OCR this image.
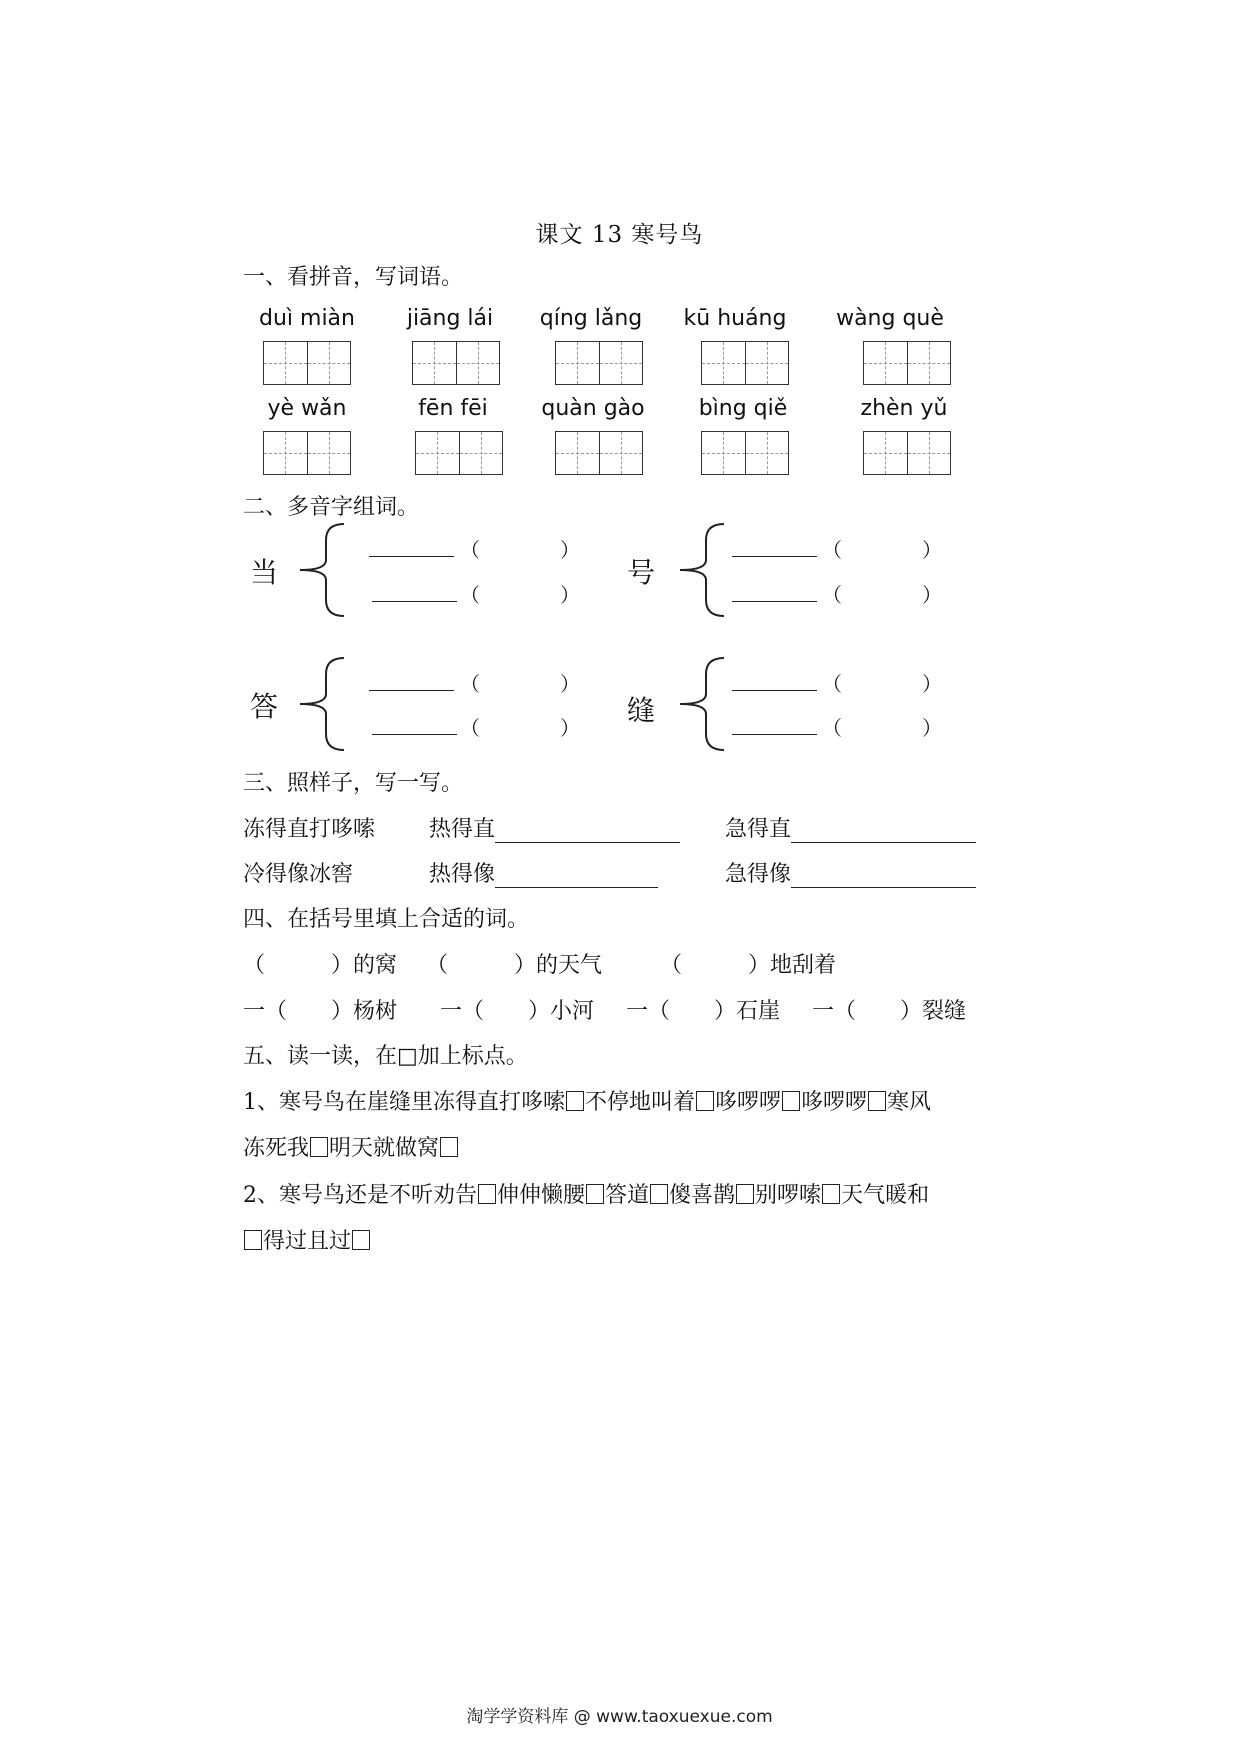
课文 13 寒号鸟
一、看拼音，写词语。
duì miàn	jiāng lái	qíng lǎng	kū huáng	wàng què
yè wǎn	fēn fēi	quàn gào	bìng qiě	zhèn yǔ
二、多音字组词。
当
（　　　　）
（　　　　）
号
（　　　　）
（　　　　）
答
（　　　　）
（　　　　）
缝
（　　　　）
（　　　　）
三、照样子，写一写。
冻得直打哆嗦 热得直	急得直
冷得像冰窖	热得像	急得像
四、在括号里填上合适的词。
（　　　）的窝 （　　　）的天气	（　　　）地刮着
一（　　）杨树 一（　　）小河 一（　　）石崖 一（　　）裂缝
五、读一读，在□加上标点。
1、寒号鸟在崖缝里冻得直打哆嗦 不停地叫着 哆啰啰 哆啰啰 寒风
冻死我 明天就做窝
2、寒号鸟还是不听劝告 伸伸懒腰 答道 傻喜鹊 别啰嗦 天气暖和
得过且过
淘学学资料库 @ www.taoxuexue.com
